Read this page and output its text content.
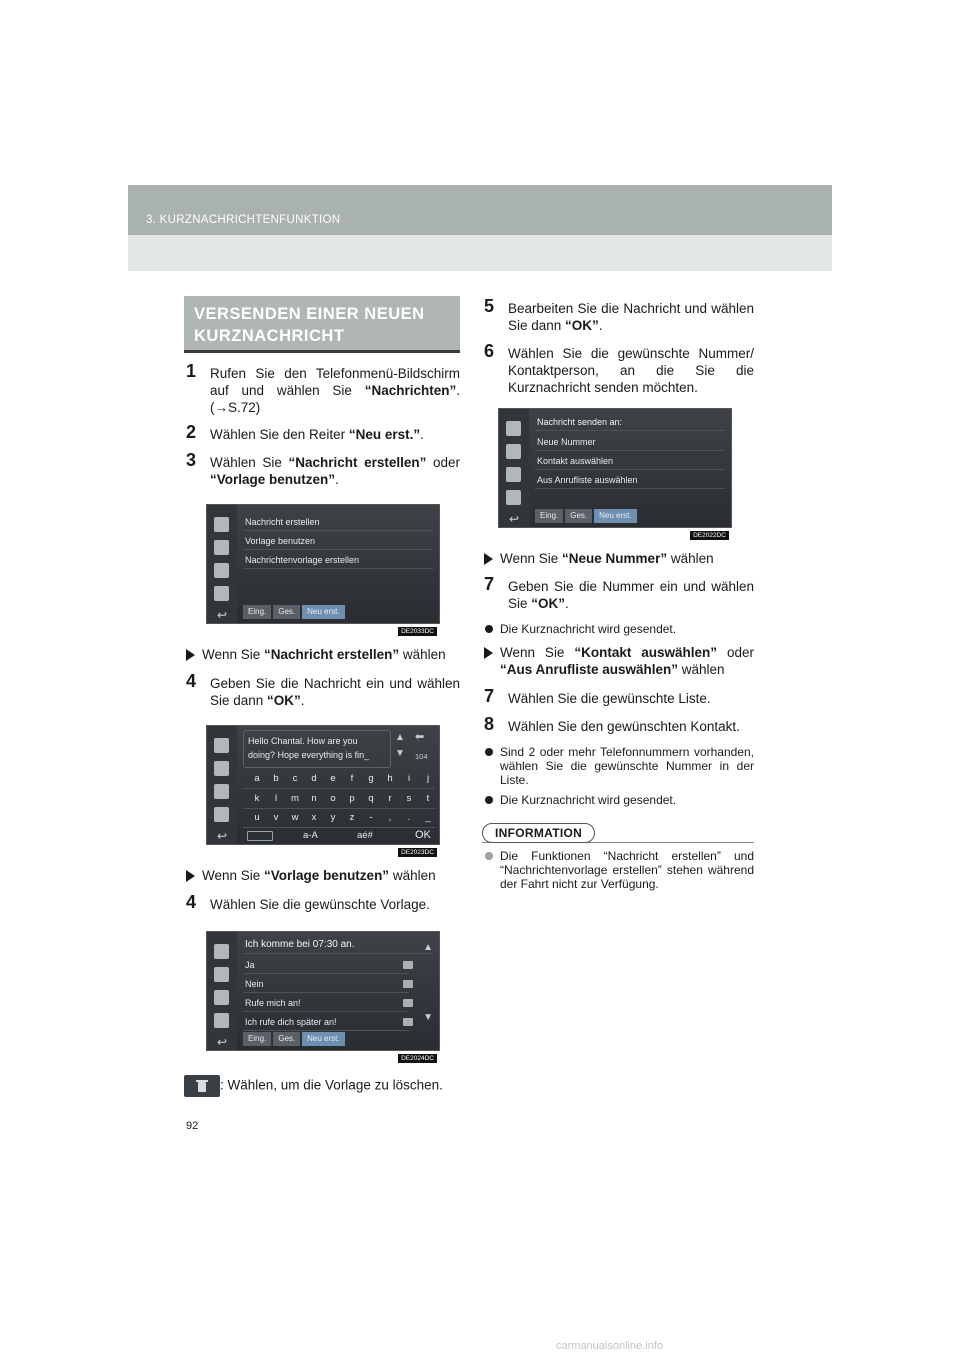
3. KURZNACHRICHTENFUNKTION
VERSENDEN EINER NEUEN
KURZNACHRICHT
1 Rufen Sie den Telefonmenü-Bildschirm auf und wählen Sie “Nachrichten”. (→S.72)
2 Wählen Sie den Reiter “Neu erst.”.
3 Wählen Sie “Nachricht erstellen” oder “Vorlage benutzen”.
↩
Nachricht erstellen
Vorlage benutzen
Nachrichtenvorlage erstellen
Eing.	Ges.	Neu erst.
DE2033DC
Wenn Sie “Nachricht erstellen” wählen
4 Geben Sie die Nachricht ein und wählen Sie dann “OK”.
↩
Hello Chantal. How are you
doing? Hope everything is fin_
▲
▼
⬅
104
a	b	c	d	e	f	g	h	i	j
k	l	m	n	o	p	q	r	s	t
u	v	w	x	y	z	-	,	.	_
a-A	aé#	OK
DE2023DC
Wenn Sie “Vorlage benutzen” wählen
4 Wählen Sie die gewünschte Vorlage.
↩
Ich komme bei 07:30 an.
Ja
Nein
Rufe mich an!
Ich rufe dich später an!
▲
▼
Eing.	Ges.	Neu erst.
DE2024DC
: Wählen, um die Vorlage zu löschen.
5 Bearbeiten Sie die Nachricht und wählen Sie dann “OK”.
6 Wählen Sie die gewünschte Nummer/ Kontaktperson, an die Sie die Kurznachricht senden möchten.
↩
Nachricht senden an:
Neue Nummer
Kontakt auswählen
Aus Anrufliste auswählen
Eing.	Ges.	Neu erst.
DE2022DC
Wenn Sie “Neue Nummer” wählen
7 Geben Sie die Nummer ein und wählen Sie “OK”.
Die Kurznachricht wird gesendet.
Wenn Sie “Kontakt auswählen” oder “Aus Anrufliste auswählen” wählen
7 Wählen Sie die gewünschte Liste.
8 Wählen Sie den gewünschten Kontakt.
Sind 2 oder mehr Telefonnummern vorhanden, wählen Sie die gewünschte Nummer in der Liste.
Die Kurznachricht wird gesendet.
INFORMATION
Die Funktionen “Nachricht erstellen” und “Nachrichtenvorlage erstellen” stehen während der Fahrt nicht zur Verfügung.
92
carmanualsonline.info
